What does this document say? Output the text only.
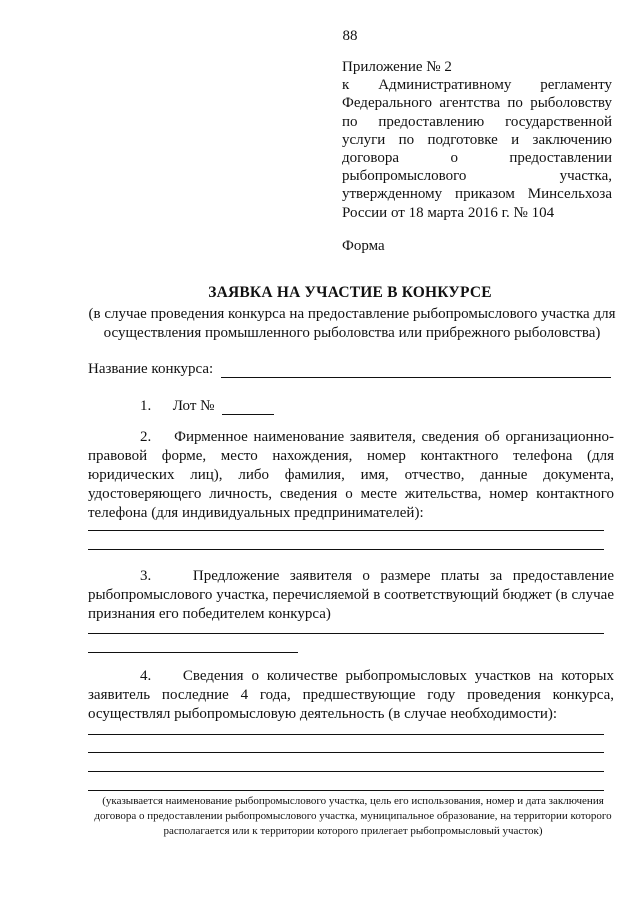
88
Приложение № 2
к Административному регламенту
Федерального агентства по рыболовству
по предоставлению государственной
услуги по подготовке и заключению
договора о предоставлении
рыбопромыслового участка,
утвержденному приказом Минсельхоза
России от 18 марта 2016 г. № 104
Форма
ЗАЯВКА НА УЧАСТИЕ В КОНКУРСЕ
(в случае проведения конкурса на предоставление рыбопромыслового участка для осуществления промышленного рыболовства или прибрежного рыболовства)
Название конкурса:
1. Лот №
2. Фирменное наименование заявителя, сведения об организационно-правовой форме, место нахождения, номер контактного телефона (для юридических лиц), либо фамилия, имя, отчество, данные документа, удостоверяющего личность, сведения о месте жительства, номер контактного телефона (для индивидуальных предпринимателей):
3.	Предложение заявителя о размере платы за предоставление рыбопромыслового участка, перечисляемой в соответствующий бюджет (в случае признания его победителем конкурса)
4. Сведения о количестве рыбопромысловых участков на которых заявитель последние 4 года, предшествующие году проведения конкурса, осуществлял рыбопромысловую деятельность (в случае необходимости):
(указывается наименование рыбопромыслового участка, цель его использования, номер и дата заключения договора о предоставлении рыбопромыслового участка, муниципальное образование, на территории которого располагается или к территории которого прилегает рыбопромысловый участок)
